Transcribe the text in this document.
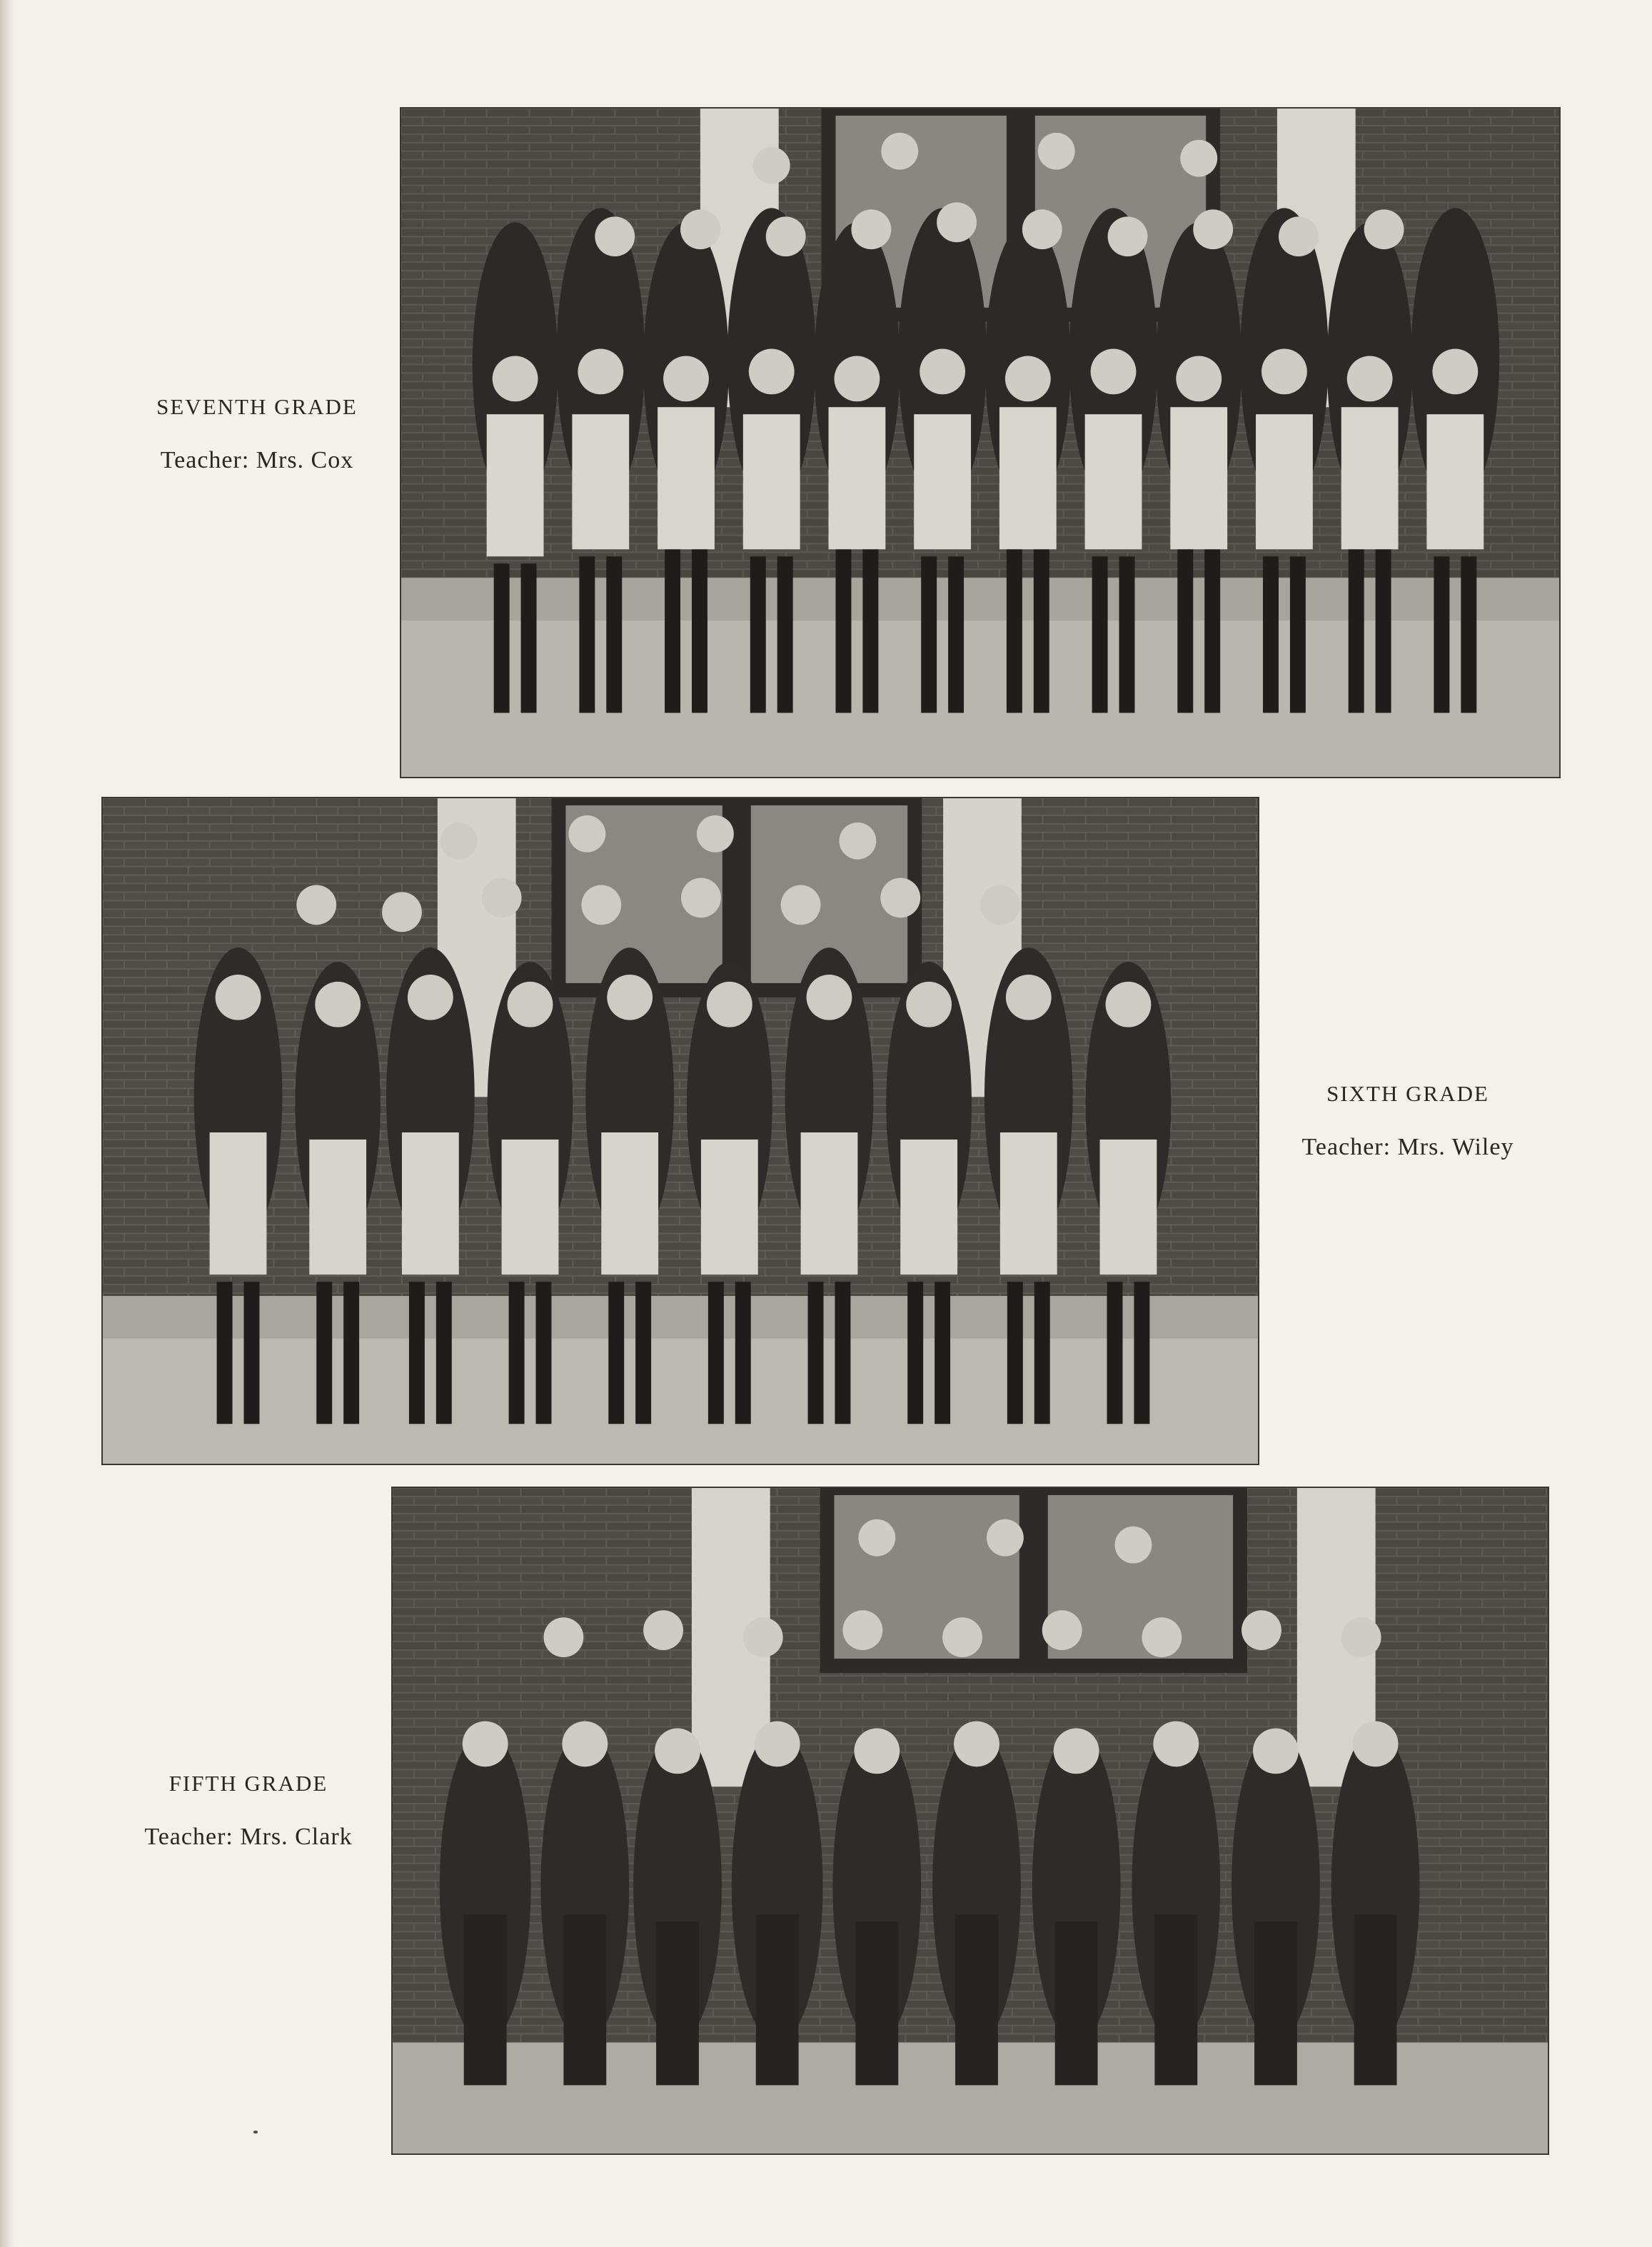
SEVENTH GRADE
Teacher: Mrs. Cox
SIXTH GRADE
Teacher: Mrs. Wiley
FIFTH GRADE
Teacher: Mrs. Clark
